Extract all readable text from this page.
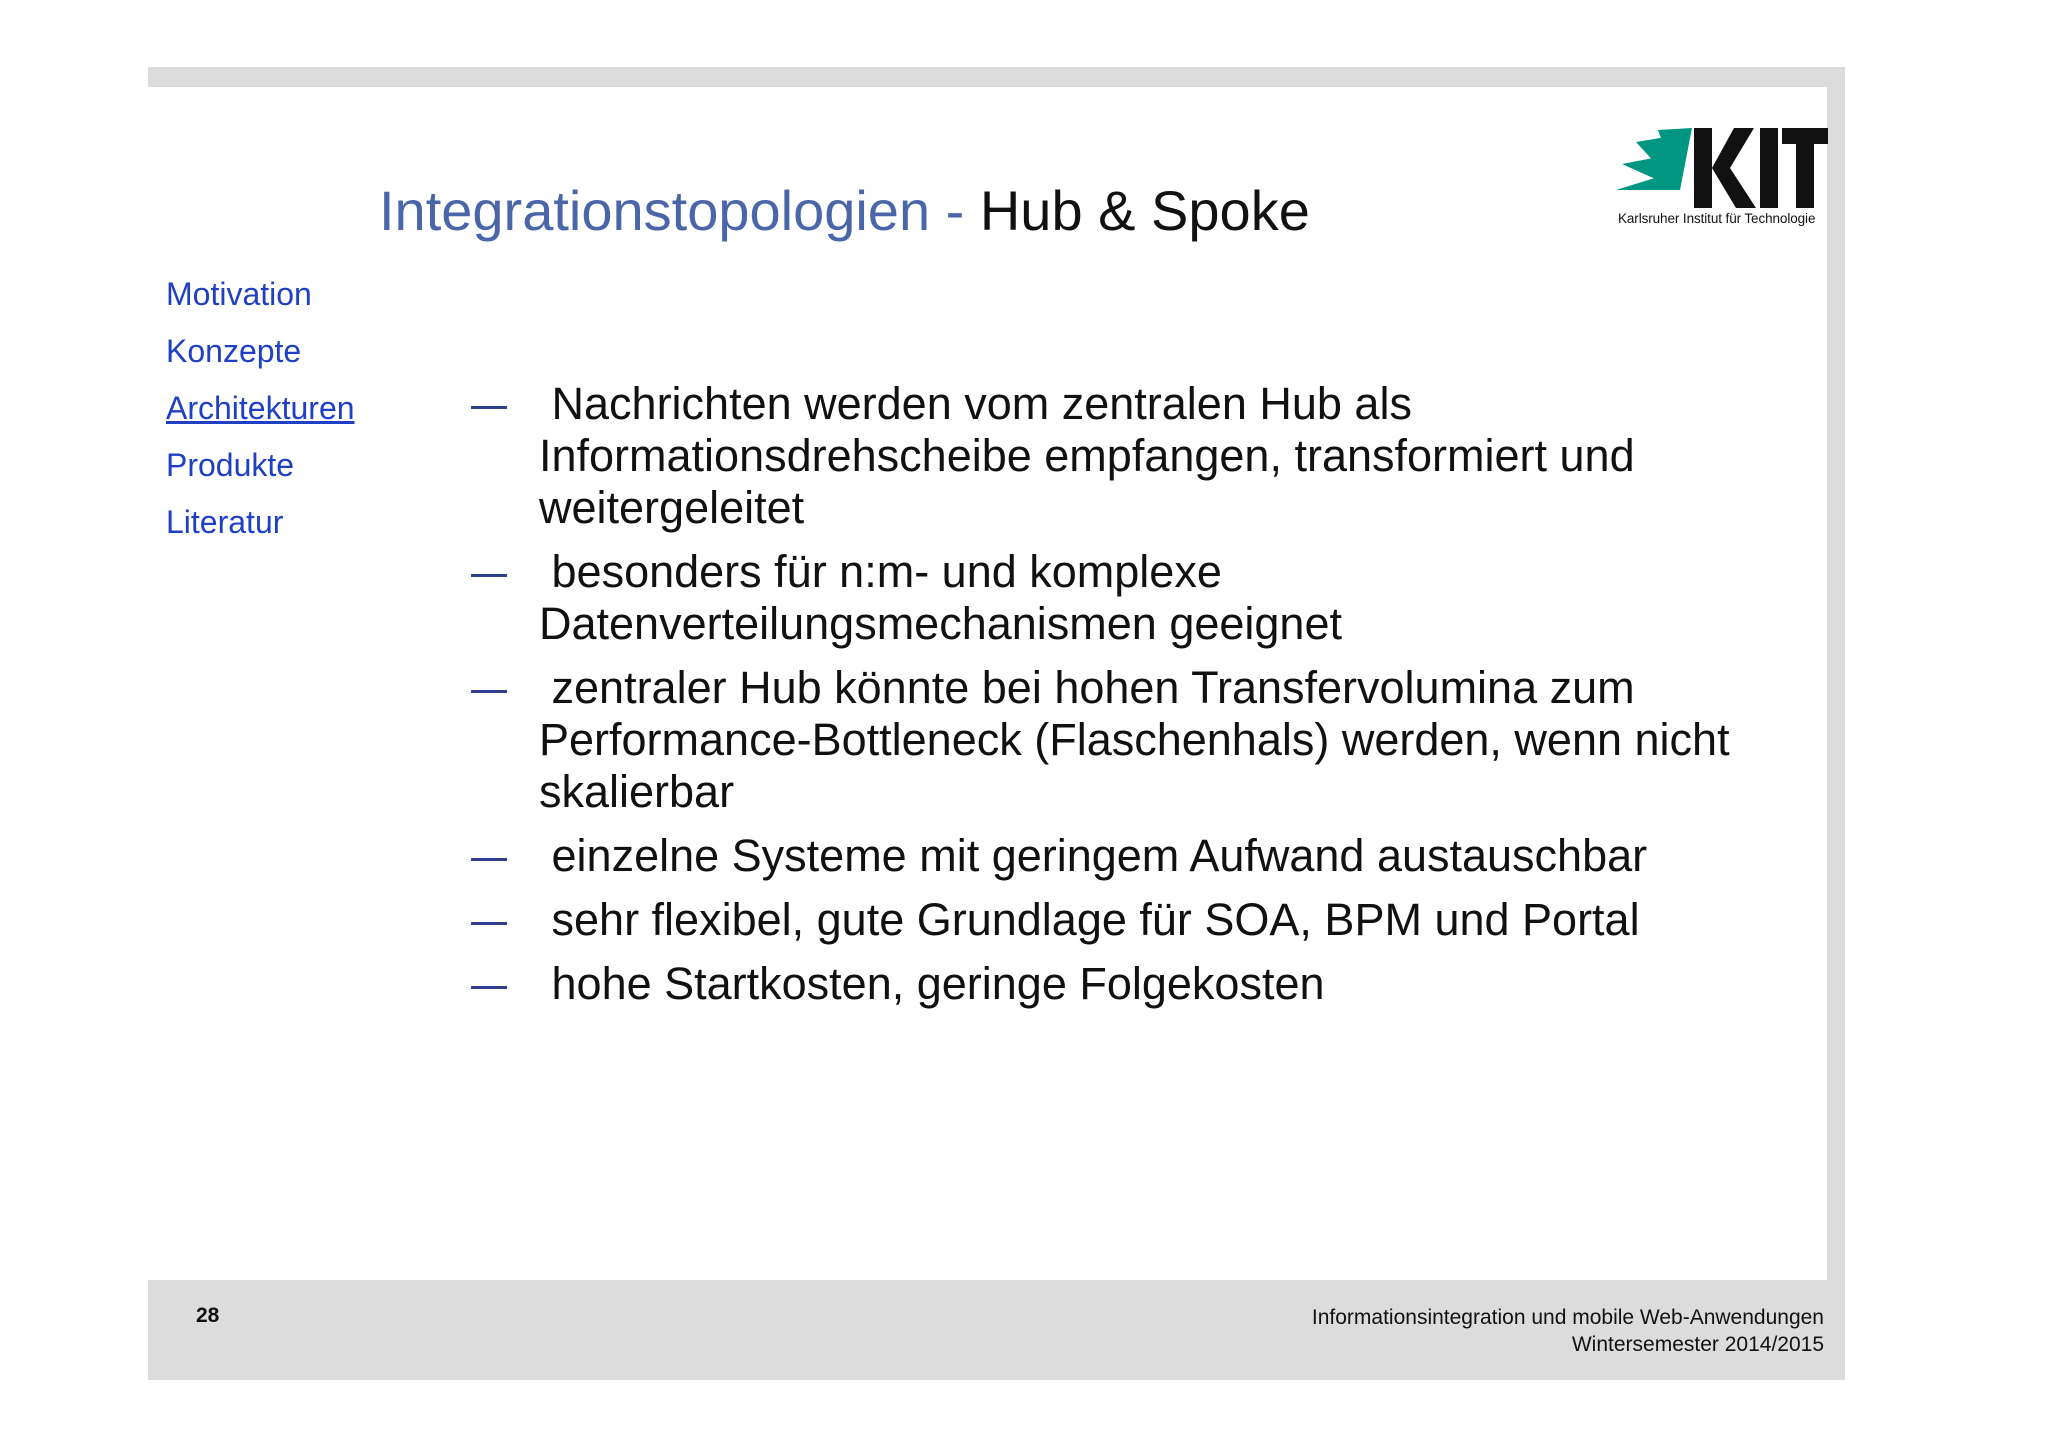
Integrationstopologien - Hub & Spoke	Karlsruher Institut für Technologie
Motivation
Konzepte
Architekturen
Produkte
Literatur
Nachrichten werden vom zentralen Hub als Informationsdrehscheibe empfangen, transformiert und weitergeleitet
besonders für n:m- und komplexe Datenverteilungsmechanismen geeignet
zentraler Hub könnte bei hohen Transfervolumina zum Performance-Bottleneck (Flaschenhals) werden, wenn nicht skalierbar
einzelne Systeme mit geringem Aufwand austauschbar
sehr flexibel, gute Grundlage für SOA, BPM und Portal
hohe Startkosten, geringe Folgekosten
28	Informationsintegration und mobile Web-Anwendungen
Wintersemester 2014/2015
